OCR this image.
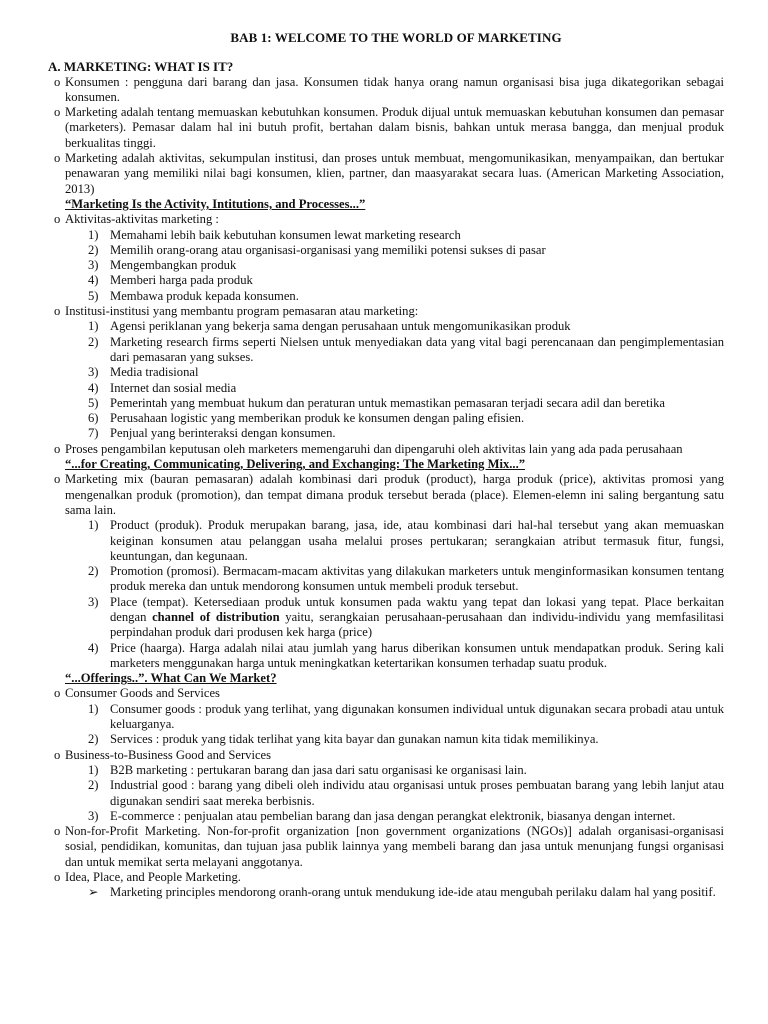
BAB 1: WELCOME TO THE WORLD OF MARKETING
A. MARKETING: WHAT IS IT?
o Konsumen : pengguna dari barang dan jasa. Konsumen tidak hanya orang namun organisasi bisa juga dikategorikan sebagai konsumen.
o Marketing adalah tentang memuaskan kebutuhkan konsumen. Produk dijual untuk memuaskan kebutuhan konsumen dan pemasar (marketers). Pemasar dalam hal ini butuh profit, bertahan dalam bisnis, bahkan untuk merasa bangga, dan menjual produk berkualitas tinggi.
o Marketing adalah aktivitas, sekumpulan institusi, dan proses untuk membuat, mengomunikasikan, menyampaikan, dan bertukar penawaran yang memiliki nilai bagi konsumen, klien, partner, dan maasyarakat secara luas. (American Marketing Association, 2013)
“Marketing Is the Activity, Intitutions, and Processes...”
o Aktivitas-aktivitas marketing :
1) Memahami lebih baik kebutuhan konsumen lewat marketing research
2) Memilih orang-orang atau organisasi-organisasi yang memiliki potensi sukses di pasar
3) Mengembangkan produk
4) Memberi harga pada produk
5) Membawa produk kepada konsumen.
o Institusi-institusi yang membantu program pemasaran atau marketing:
1) Agensi periklanan yang bekerja sama dengan perusahaan untuk mengomunikasikan produk
2) Marketing research firms seperti Nielsen untuk menyediakan data yang vital bagi perencanaan dan pengimplementasian dari pemasaran yang sukses.
3) Media tradisional
4) Internet dan sosial media
5) Pemerintah yang membuat hukum dan peraturan untuk memastikan pemasaran terjadi secara adil dan beretika
6) Perusahaan logistic yang memberikan produk ke konsumen dengan paling efisien.
7) Penjual yang berinteraksi dengan konsumen.
o Proses pengambilan keputusan oleh marketers memengaruhi dan dipengaruhi oleh aktivitas lain yang ada pada perusahaan
“...for Creating, Communicating, Delivering, and Exchanging: The Marketing Mix...”
o Marketing mix (bauran pemasaran) adalah kombinasi dari produk (product), harga produk (price), aktivitas promosi yang mengenalkan produk (promotion), dan tempat dimana produk tersebut berada (place). Elemen-elemn ini saling bergantung satu sama lain.
1) Product (produk). Produk merupakan barang, jasa, ide, atau kombinasi dari hal-hal tersebut yang akan memuaskan keiginan konsumen atau pelanggan usaha melalui proses pertukaran; serangkaian atribut termasuk fitur, fungsi, keuntungan, dan kegunaan.
2) Promotion (promosi). Bermacam-macam aktivitas yang dilakukan marketers untuk menginformasikan konsumen tentang produk mereka dan untuk mendorong konsumen untuk membeli produk tersebut.
3) Place (tempat). Ketersediaan produk untuk konsumen pada waktu yang tepat dan lokasi yang tepat. Place berkaitan dengan channel of distribution yaitu, serangkaian perusahaan-perusahaan dan individu-individu yang memfasilitasi perpindahan produk dari produsen kek harga (price)
4) Price (haarga). Harga adalah nilai atau jumlah yang harus diberikan konsumen untuk mendapatkan produk. Sering kali marketers menggunakan harga untuk meningkatkan ketertarikan konsumen terhadap suatu produk.
“...Offerings..”. What Can We Market?
o Consumer Goods and Services
1) Consumer goods : produk yang terlihat, yang digunakan konsumen individual untuk digunakan secara probadi atau untuk keluarganya.
2) Services : produk yang tidak terlihat yang kita bayar dan gunakan namun kita tidak memilikinya.
o Business-to-Business Good and Services
1) B2B marketing : pertukaran barang dan jasa dari satu organisasi ke organisasi lain.
2) Industrial good : barang yang dibeli oleh individu atau organisasi untuk proses pembuatan barang yang lebih lanjut atau digunakan sendiri saat mereka berbisnis.
3) E-commerce : penjualan atau pembelian barang dan jasa dengan perangkat elektronik, biasanya dengan internet.
o Non-for-Profit Marketing. Non-for-profit organization [non government organizations (NGOs)] adalah organisasi-organisasi sosial, pendidikan, komunitas, dan tujuan jasa publik lainnya yang membeli barang dan jasa untuk menunjang fungsi organisasi dan untuk memikat serta melayani anggotanya.
o Idea, Place, and People Marketing.
➢ Marketing principles mendorong oranh-orang untuk mendukung ide-ide atau mengubah perilaku dalam hal yang positif.
